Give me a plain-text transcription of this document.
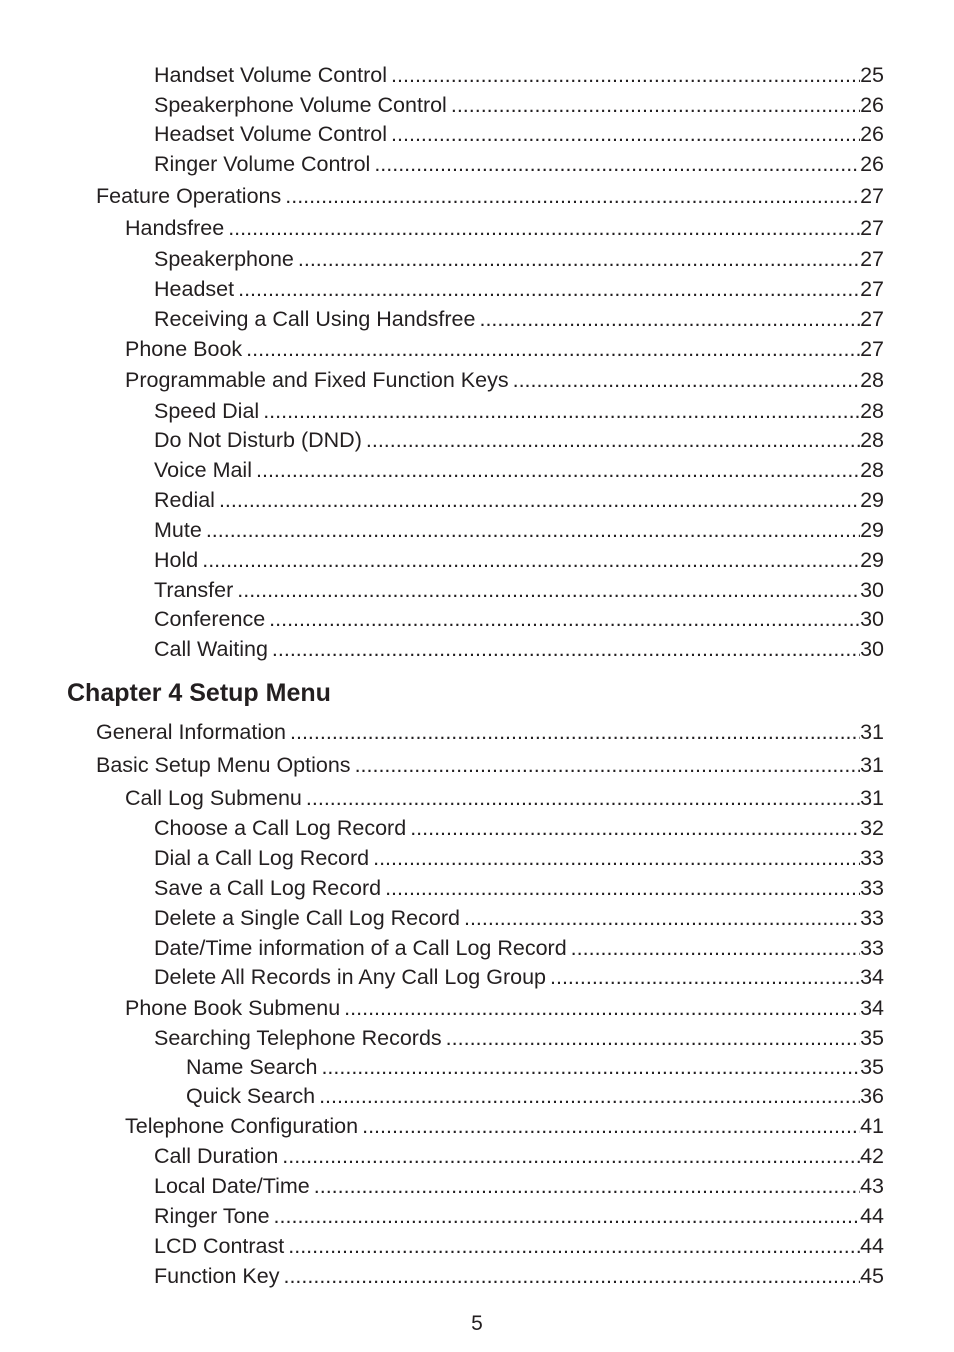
Handset Volume Control .....	25
Speakerphone Volume Control .....	26
Headset Volume Control .....	26
Ringer Volume Control .....	26
Feature Operations .....	27
Handsfree .....	27
Speakerphone .....	27
Headset .....	27
Receiving a Call Using Handsfree .....	27
Phone Book .....	27
Programmable and Fixed Function Keys .....	28
Speed Dial .....	28
Do Not Disturb (DND) .....	28
Voice Mail .....	28
Redial .....	29
Mute .....	29
Hold .....	29
Transfer .....	30
Conference .....	30
Call Waiting .....	30
Chapter 4 Setup Menu
General Information .....	31
Basic Setup Menu Options .....	31
Call Log Submenu .....	31
Choose a Call Log Record .....	32
Dial a Call Log Record .....	33
Save a Call Log Record .....	33
Delete a Single Call Log Record .....	33
Date/Time information of a Call Log Record .....	33
Delete All Records in Any Call Log Group .....	34
Phone Book Submenu .....	34
Searching Telephone Records .....	35
Name Search .....	35
Quick Search .....	36
Telephone Configuration .....	41
Call Duration .....	42
Local Date/Time .....	43
Ringer Tone .....	44
LCD Contrast .....	44
Function Key .....	45
5
